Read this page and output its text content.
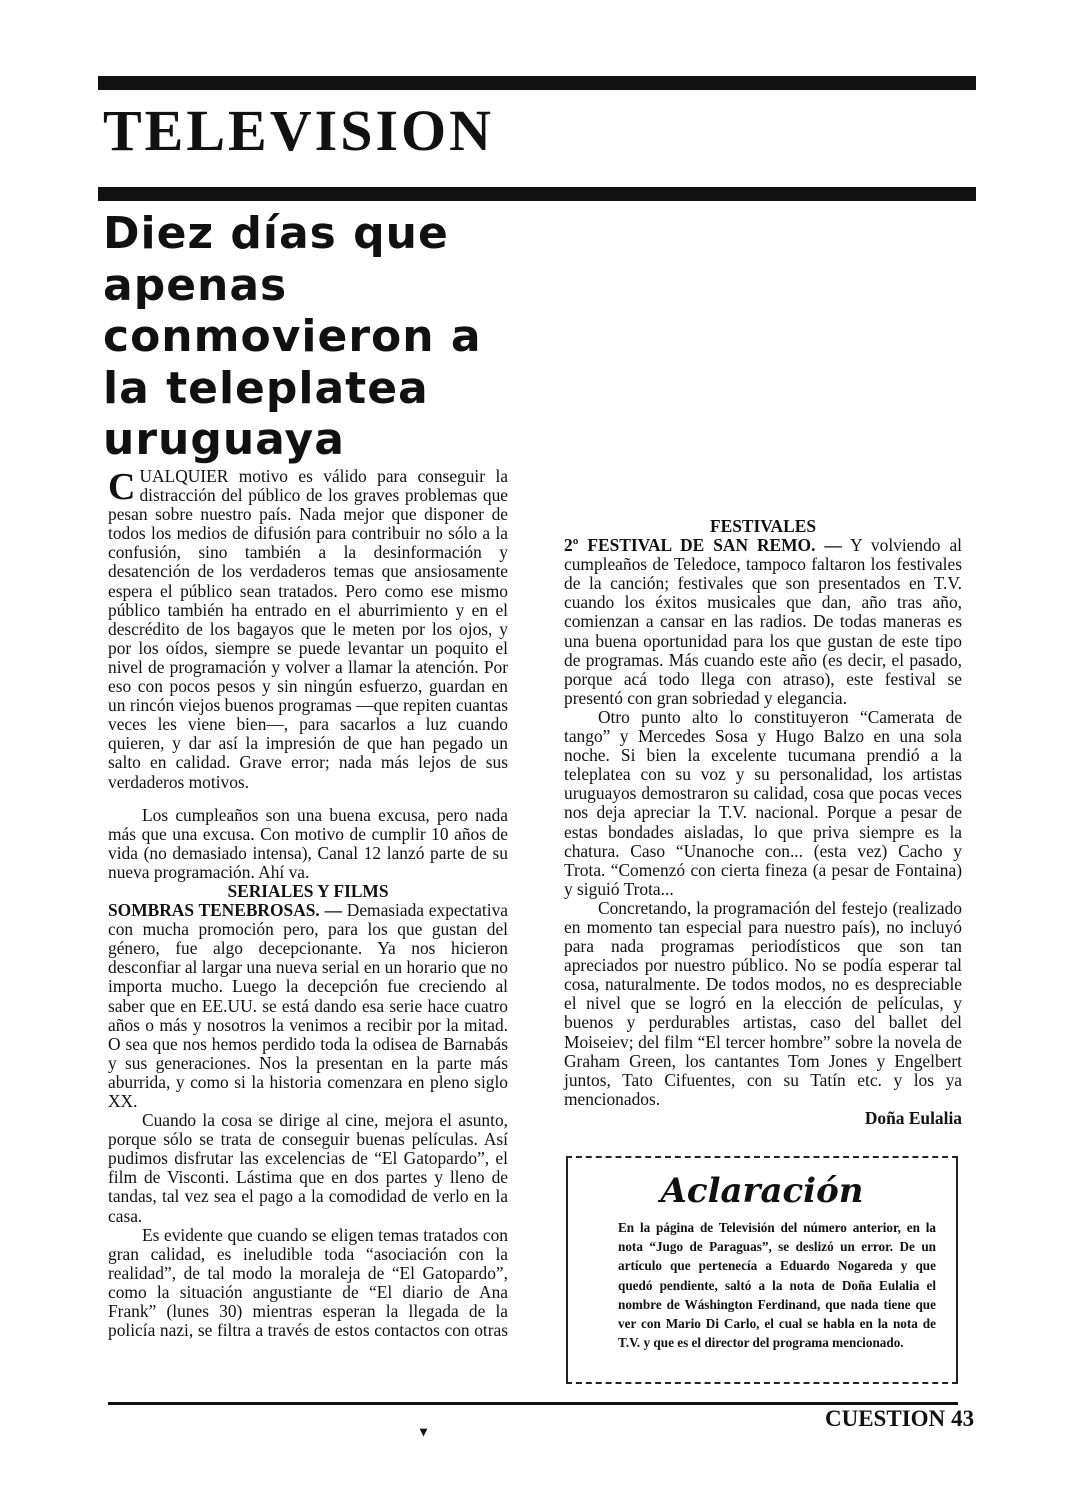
TELEVISION
Diez días que apenas conmovieron a la teleplatea uruguaya

CUALQUIER motivo es válido para conseguir la distracción del público de los graves problemas que pesan sobre nuestro país. Nada mejor que disponer de todos los medios de difusión para contribuir no sólo a la confusión, sino también a la desinformación y desatención de los verdaderos temas que ansiosamente espera el público sean tratados. Pero como ese mismo público también ha entrado en el aburrimiento y en el descrédito de los bagayos que le meten por los ojos, y por los oídos, siempre se puede levantar un poquito el nivel de programación y volver a llamar la atención. Por eso con pocos pesos y sin ningún esfuerzo, guardan en un rincón viejos buenos programas —que repiten cuantas veces les viene bien—, para sacarlos a luz cuando quieren, y dar así la impresión de que han pegado un salto en calidad. Grave error; nada más lejos de sus verdaderos motivos.

Los cumpleaños son una buena excusa, pero nada más que una excusa. Con motivo de cumplir 10 años de vida (no demasiado intensa), Canal 12 lanzó parte de su nueva programación. Ahí va.

SERIALES Y FILMS

SOMBRAS TENEBROSAS. — Demasiada expectativa con mucha promoción pero, para los que gustan del género, fue algo decepcionante. Ya nos hicieron desconfiar al largar una nueva serial en un horario que no importa mucho. Luego la decepción fue creciendo al saber que en EE.UU. se está dando esa serie hace cuatro años o más y nosotros la venimos a recibir por la mitad. O sea que nos hemos perdido toda la odisea de Barnabás y sus generaciones. Nos la presentan en la parte más aburrida, y como si la historia comenzara en pleno siglo XX.

Cuando la cosa se dirige al cine, mejora el asunto, porque sólo se trata de conseguir buenas películas. Así pudimos disfrutar las excelencias de “El Gatopardo”, el film de Visconti. Lástima que en dos partes y lleno de tandas, tal vez sea el pago a la comodidad de verlo en la casa.

Es evidente que cuando se eligen temas tratados con gran calidad, es ineludible toda “asociación con la realidad”, de tal modo la moraleja de “El Gatopardo”, como la situación angustiante de “El diario de Ana Frank” (lunes 30) mientras esperan la llegada de la policía nazi, se filtra a través de estos contactos con otras

FESTIVALES

2º FESTIVAL DE SAN REMO. — Y volviendo al cumpleaños de Teledoce, tampoco faltaron los festivales de la canción; festivales que son presentados en T.V. cuando los éxitos musicales que dan, año tras año, comienzan a cansar en las radios. De todas maneras es una buena oportunidad para los que gustan de este tipo de programas. Más cuando este año (es decir, el pasado, porque acá todo llega con atraso), este festival se presentó con gran sobriedad y elegancia.

Otro punto alto lo constituyeron “Camerata de tango” y Mercedes Sosa y Hugo Balzo en una sola noche. Si bien la excelente tucumana prendió a la teleplatea con su voz y su personalidad, los artistas uruguayos demostraron su calidad, cosa que pocas veces nos deja apreciar la T.V. nacional. Porque a pesar de estas bondades aisladas, lo que priva siempre es la chatura. Caso “Unanoche con... (esta vez) Cacho y Trota. “Comenzó con cierta fineza (a pesar de Fontaina) y siguió Trota...

Concretando, la programación del festejo (realizado en momento tan especial para nuestro país), no incluyó para nada programas periodísticos que son tan apreciados por nuestro público. No se podía esperar tal cosa, naturalmente. De todos modos, no es despreciable el nivel que se logró en la elección de películas, y buenos y perdurables artistas, caso del ballet del Moiseiev; del film “El tercer hombre” sobre la novela de Graham Green, los cantantes Tom Jones y Engelbert juntos, Tato Cifuentes, con su Tatín etc. y los ya mencionados.

Doña Eulalia

Aclaración

En la página de Televisión del número anterior, en la nota “Jugo de Paraguas”, se deslizó un error. De un artículo que pertenecía a Eduardo Nogareda y que quedó pendiente, saltó a la nota de Doña Eulalia el nombre de Wáshington Ferdinand, que nada tiene que ver con Mario Di Carlo, el cual se habla en la nota de T.V. y que es el director del programa mencionado.

CUESTION 43
▾
